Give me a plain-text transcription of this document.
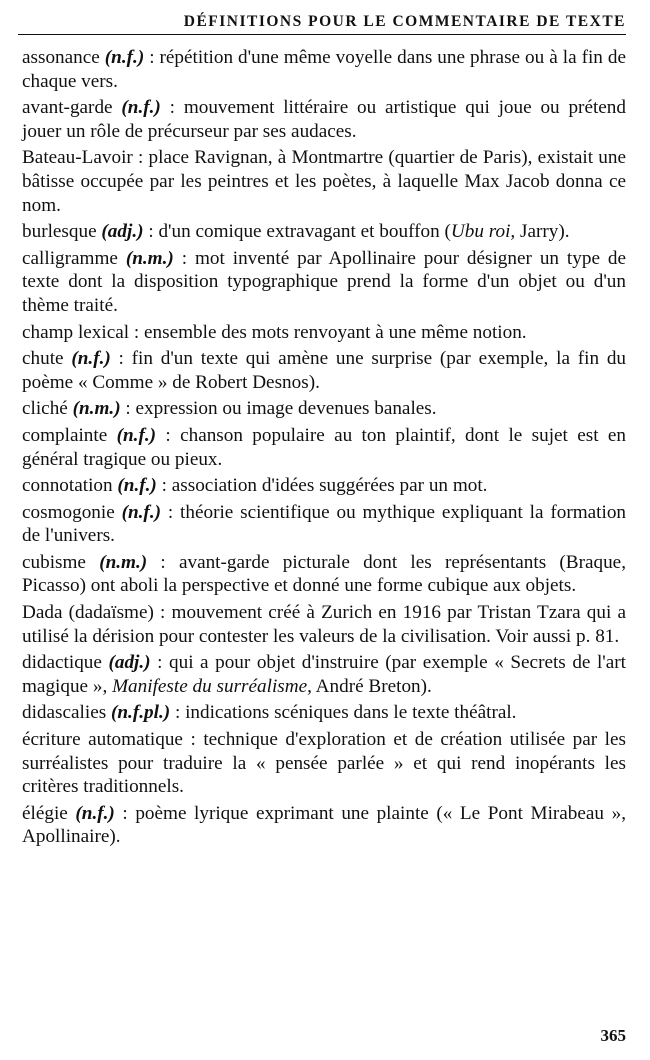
DÉFINITIONS POUR LE COMMENTAIRE DE TEXTE

assonance (n.f.) : répétition d'une même voyelle dans une phrase ou à la fin de chaque vers.

avant-garde (n.f.) : mouvement littéraire ou artistique qui joue ou prétend jouer un rôle de précurseur par ses audaces.

Bateau-Lavoir : place Ravignan, à Montmartre (quartier de Paris), existait une bâtisse occupée par les peintres et les poètes, à laquelle Max Jacob donna ce nom.

burlesque (adj.) : d'un comique extravagant et bouffon (Ubu roi, Jarry).

calligramme (n.m.) : mot inventé par Apollinaire pour désigner un type de texte dont la disposition typographique prend la forme d'un objet ou d'un thème traité.

champ lexical : ensemble des mots renvoyant à une même notion.

chute (n.f.) : fin d'un texte qui amène une surprise (par exemple, la fin du poème « Comme » de Robert Desnos).

cliché (n.m.) : expression ou image devenues banales.

complainte (n.f.) : chanson populaire au ton plaintif, dont le sujet est en général tragique ou pieux.

connotation (n.f.) : association d'idées suggérées par un mot.

cosmogonie (n.f.) : théorie scientifique ou mythique expliquant la formation de l'univers.

cubisme (n.m.) : avant-garde picturale dont les représentants (Braque, Picasso) ont aboli la perspective et donné une forme cubique aux objets.

Dada (dadaïsme) : mouvement créé à Zurich en 1916 par Tristan Tzara qui a utilisé la dérision pour contester les valeurs de la civilisation. Voir aussi p. 81.

didactique (adj.) : qui a pour objet d'instruire (par exemple « Secrets de l'art magique », Manifeste du surréalisme, André Breton).

didascalies (n.f.pl.) : indications scéniques dans le texte théâtral.

écriture automatique : technique d'exploration et de création utilisée par les surréalistes pour traduire la « pensée parlée » et qui rend inopérants les critères traditionnels.

élégie (n.f.) : poème lyrique exprimant une plainte (« Le Pont Mirabeau », Apollinaire).

365
